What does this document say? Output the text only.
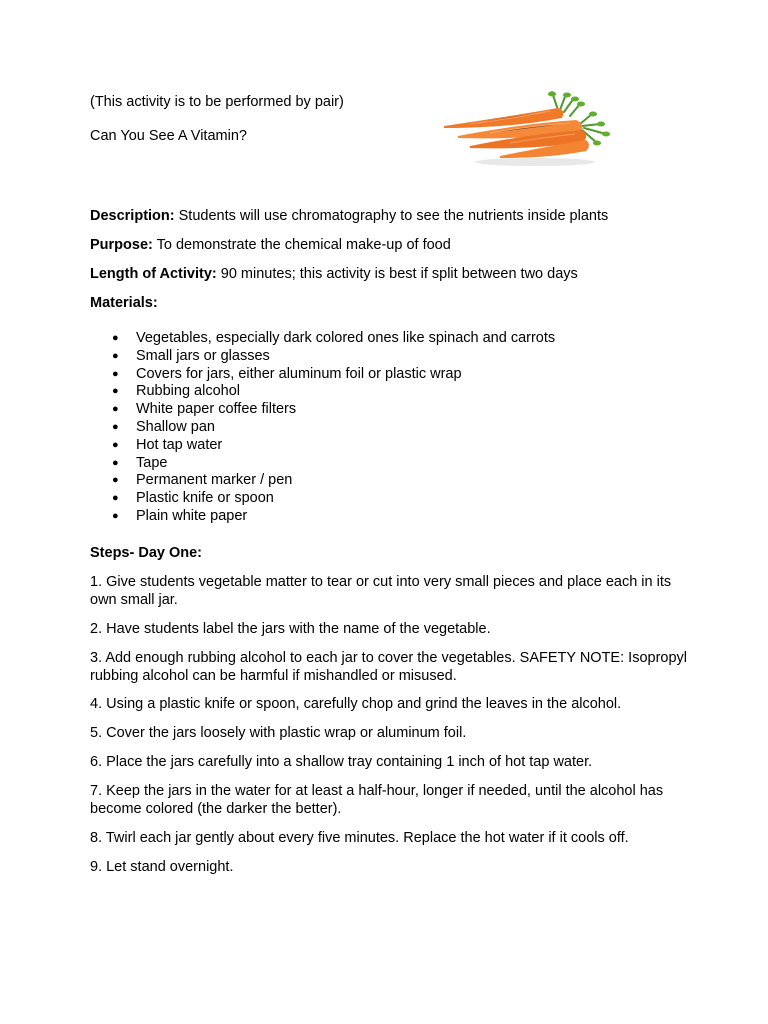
(This activity is to be performed by pair)
Can You See A Vitamin?
Description: Students will use chromatography to see the nutrients inside plants
Purpose: To demonstrate the chemical make-up of food
Length of Activity: 90 minutes; this activity is best if split between two days
Materials:
● Vegetables, especially dark colored ones like spinach and carrots
● Small jars or glasses
● Covers for jars, either aluminum foil or plastic wrap
● Rubbing alcohol
● White paper coffee filters
● Shallow pan
● Hot tap water
● Tape
● Permanent marker / pen
● Plastic knife or spoon
● Plain white paper
Steps- Day One:
1. Give students vegetable matter to tear or cut into very small pieces and place each in its own small jar.
2. Have students label the jars with the name of the vegetable.
3. Add enough rubbing alcohol to each jar to cover the vegetables. SAFETY NOTE: Isopropyl rubbing alcohol can be harmful if mishandled or misused.
4. Using a plastic knife or spoon, carefully chop and grind the leaves in the alcohol.
5. Cover the jars loosely with plastic wrap or aluminum foil.
6. Place the jars carefully into a shallow tray containing 1 inch of hot tap water.
7. Keep the jars in the water for at least a half-hour, longer if needed, until the alcohol has become colored (the darker the better).
8. Twirl each jar gently about every five minutes. Replace the hot water if it cools off.
9. Let stand overnight.
